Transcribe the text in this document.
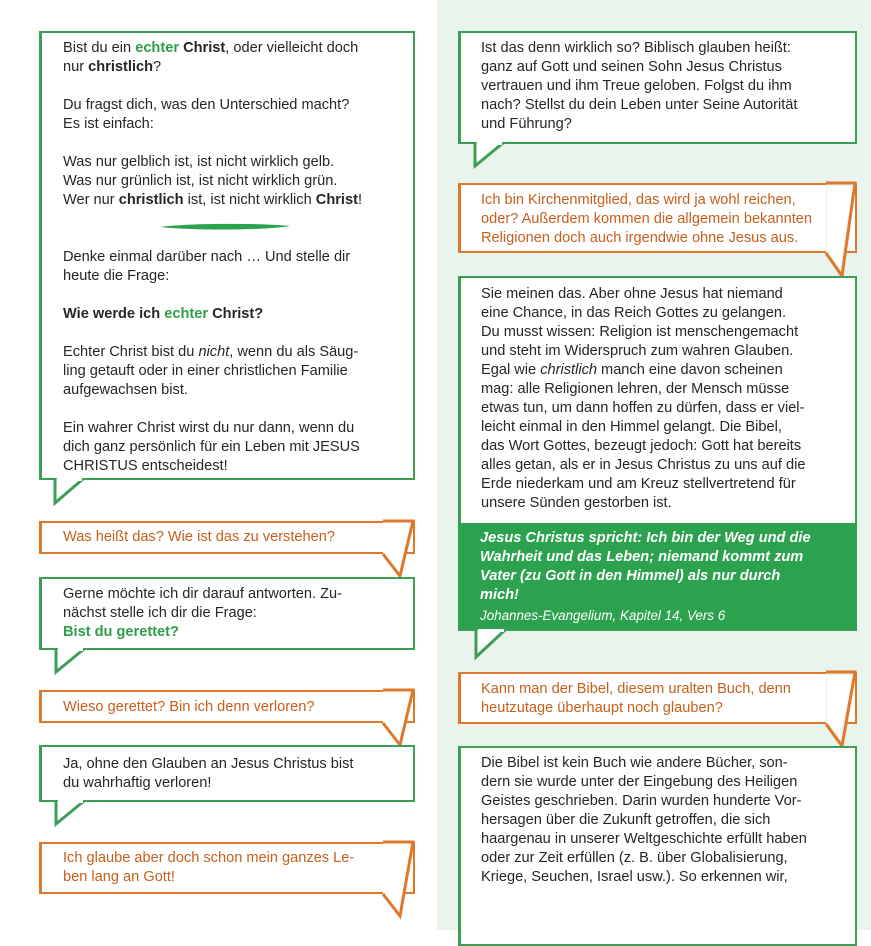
Bist du ein echter Christ, oder vielleicht doch

nur christlich?

Du fragst dich, was den Unterschied macht?

Es ist einfach:

Was nur gelblich ist, ist nicht wirklich gelb.

Was nur grünlich ist, ist nicht wirklich grün.

Wer nur christlich ist, ist nicht wirklich Christ!

Denke einmal darüber nach … Und stelle dir

heute die Frage:

Wie werde ich echter Christ?

Echter Christ bist du nicht, wenn du als Säug-

ling getauft oder in einer christlichen Familie

aufgewachsen bist.

Ein wahrer Christ wirst du nur dann, wenn du

dich ganz persönlich für ein Leben mit JESUS

CHRISTUS entscheidest!

Was heißt das? Wie ist das zu verstehen?

Gerne möchte ich dir darauf antworten. Zu-

nächst stelle ich dir die Frage:

Bist du gerettet?

Wieso gerettet? Bin ich denn verloren?

Ja, ohne den Glauben an Jesus Christus bist

du wahrhaftig verloren!

Ich glaube aber doch schon mein ganzes Le-

ben lang an Gott!

Ist das denn wirklich so? Biblisch glauben heißt:

ganz auf Gott und seinen Sohn Jesus Christus

vertrauen und ihm Treue geloben. Folgst du ihm

nach? Stellst du dein Leben unter Seine Autorität

und Führung?

Ich bin Kirchenmitglied, das wird ja wohl reichen,

oder? Außerdem kommen die allgemein bekannten

Religionen doch auch irgendwie ohne Jesus aus.

Sie meinen das. Aber ohne Jesus hat niemand

eine Chance, in das Reich Gottes zu gelangen.

Du musst wissen: Religion ist menschengemacht

und steht im Widerspruch zum wahren Glauben.

Egal wie christlich manch eine davon scheinen

mag: alle Religionen lehren, der Mensch müsse

etwas tun, um dann hoffen zu dürfen, dass er viel-

leicht einmal in den Himmel gelangt. Die Bibel,

das Wort Gottes, bezeugt jedoch: Gott hat bereits

alles getan, als er in Jesus Christus zu uns auf die

Erde niederkam und am Kreuz stellvertretend für

unsere Sünden gestorben ist.

Jesus Christus spricht: Ich bin der Weg und die

Wahrheit und das Leben; niemand kommt zum

Vater (zu Gott in den Himmel) als nur durch

mich!

Johannes-Evangelium, Kapitel 14, Vers 6

Kann man der Bibel, diesem uralten Buch, denn

heutzutage überhaupt noch glauben?

Die Bibel ist kein Buch wie andere Bücher, son-

dern sie wurde unter der Eingebung des Heiligen

Geistes geschrieben. Darin wurden hunderte Vor-

hersagen über die Zukunft getroffen, die sich

haargenau in unserer Weltgeschichte erfüllt haben

oder zur Zeit erfüllen (z. B. über Globalisierung,

Kriege, Seuchen, Israel usw.). So erkennen wir,
